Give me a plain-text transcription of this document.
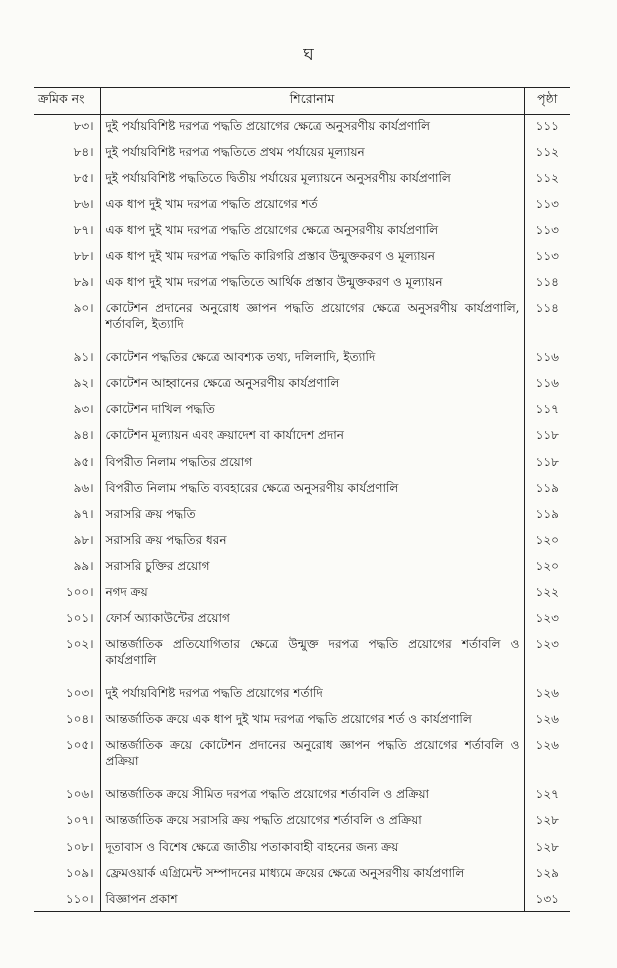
ঘ
ক্রমিক নং	শিরোনাম	পৃষ্ঠা
৮৩।	দুই পর্যায়বিশিষ্ট দরপত্র পদ্ধতি প্রয়োগের ক্ষেত্রে অনুসরণীয় কার্যপ্রণালি	১১১
৮৪।	দুই পর্যায়বিশিষ্ট দরপত্র পদ্ধতিতে প্রথম পর্যায়ের মূল্যায়ন	১১২
৮৫।	দুই পর্যায়বিশিষ্ট পদ্ধতিতে দ্বিতীয় পর্যায়ের মূল্যায়নে অনুসরণীয় কার্যপ্রণালি	১১২
৮৬।	এক ধাপ দুই খাম দরপত্র পদ্ধতি প্রয়োগের শর্ত	১১৩
৮৭।	এক ধাপ দুই খাম দরপত্র পদ্ধতি প্রয়োগের ক্ষেত্রে অনুসরণীয় কার্যপ্রণালি	১১৩
৮৮।	এক ধাপ দুই খাম দরপত্র পদ্ধতি কারিগরি প্রস্তাব উন্মুক্তকরণ ও মূল্যায়ন	১১৩
৮৯।	এক ধাপ দুই খাম দরপত্র পদ্ধতিতে আর্থিক প্রস্তাব উন্মুক্তকরণ ও মূল্যায়ন	১১৪
৯০।	কোটেশন প্রদানের অনুরোধ জ্ঞাপন পদ্ধতি প্রয়োগের ক্ষেত্রে অনুসরণীয় কার্যপ্রণালি, শর্তাবলি, ইত্যাদি	১১৪
৯১।	কোটেশন পদ্ধতির ক্ষেত্রে আবশ্যক তথ্য, দলিলাদি, ইত্যাদি	১১৬
৯২।	কোটেশন আহ্বানের ক্ষেত্রে অনুসরণীয় কার্যপ্রণালি	১১৬
৯৩।	কোটেশন দাখিল পদ্ধতি	১১৭
৯৪।	কোটেশন মূল্যায়ন এবং ক্রয়াদেশ বা কার্যাদেশ প্রদান	১১৮
৯৫।	বিপরীত নিলাম পদ্ধতির প্রয়োগ	১১৮
৯৬।	বিপরীত নিলাম পদ্ধতি ব্যবহারের ক্ষেত্রে অনুসরণীয় কার্যপ্রণালি	১১৯
৯৭।	সরাসরি ক্রয় পদ্ধতি	১১৯
৯৮।	সরাসরি ক্রয় পদ্ধতির ধরন	১২০
৯৯।	সরাসরি চুক্তির প্রয়োগ	১২০
১০০।	নগদ ক্রয়	১২২
১০১।	ফোর্স অ্যাকাউন্টের প্রয়োগ	১২৩
১০২।	আন্তর্জাতিক প্রতিযোগিতার ক্ষেত্রে উন্মুক্ত দরপত্র পদ্ধতি প্রয়োগের শর্তাবলি ও কার্যপ্রণালি	১২৩
১০৩।	দুই পর্যায়বিশিষ্ট দরপত্র পদ্ধতি প্রয়োগের শর্তাদি	১২৬
১০৪।	আন্তর্জাতিক ক্রয়ে এক ধাপ দুই খাম দরপত্র পদ্ধতি প্রয়োগের শর্ত ও কার্যপ্রণালি	১২৬
১০৫।	আন্তর্জাতিক ক্রয়ে কোটেশন প্রদানের অনুরোধ জ্ঞাপন পদ্ধতি প্রয়োগের শর্তাবলি ও প্রক্রিয়া	১২৬
১০৬।	আন্তর্জাতিক ক্রয়ে সীমিত দরপত্র পদ্ধতি প্রয়োগের শর্তাবলি ও প্রক্রিয়া	১২৭
১০৭।	আন্তর্জাতিক ক্রয়ে সরাসরি ক্রয় পদ্ধতি প্রয়োগের শর্তাবলি ও প্রক্রিয়া	১২৮
১০৮।	দূতাবাস ও বিশেষ ক্ষেত্রে জাতীয় পতাকাবাহী বাহনের জন্য ক্রয়	১২৮
১০৯।	ফ্রেমওয়ার্ক এগ্রিমেন্ট সম্পাদনের মাধ্যমে ক্রয়ের ক্ষেত্রে অনুসরণীয় কার্যপ্রণালি	১২৯
১১০।	বিজ্ঞাপন প্রকাশ	১৩১
